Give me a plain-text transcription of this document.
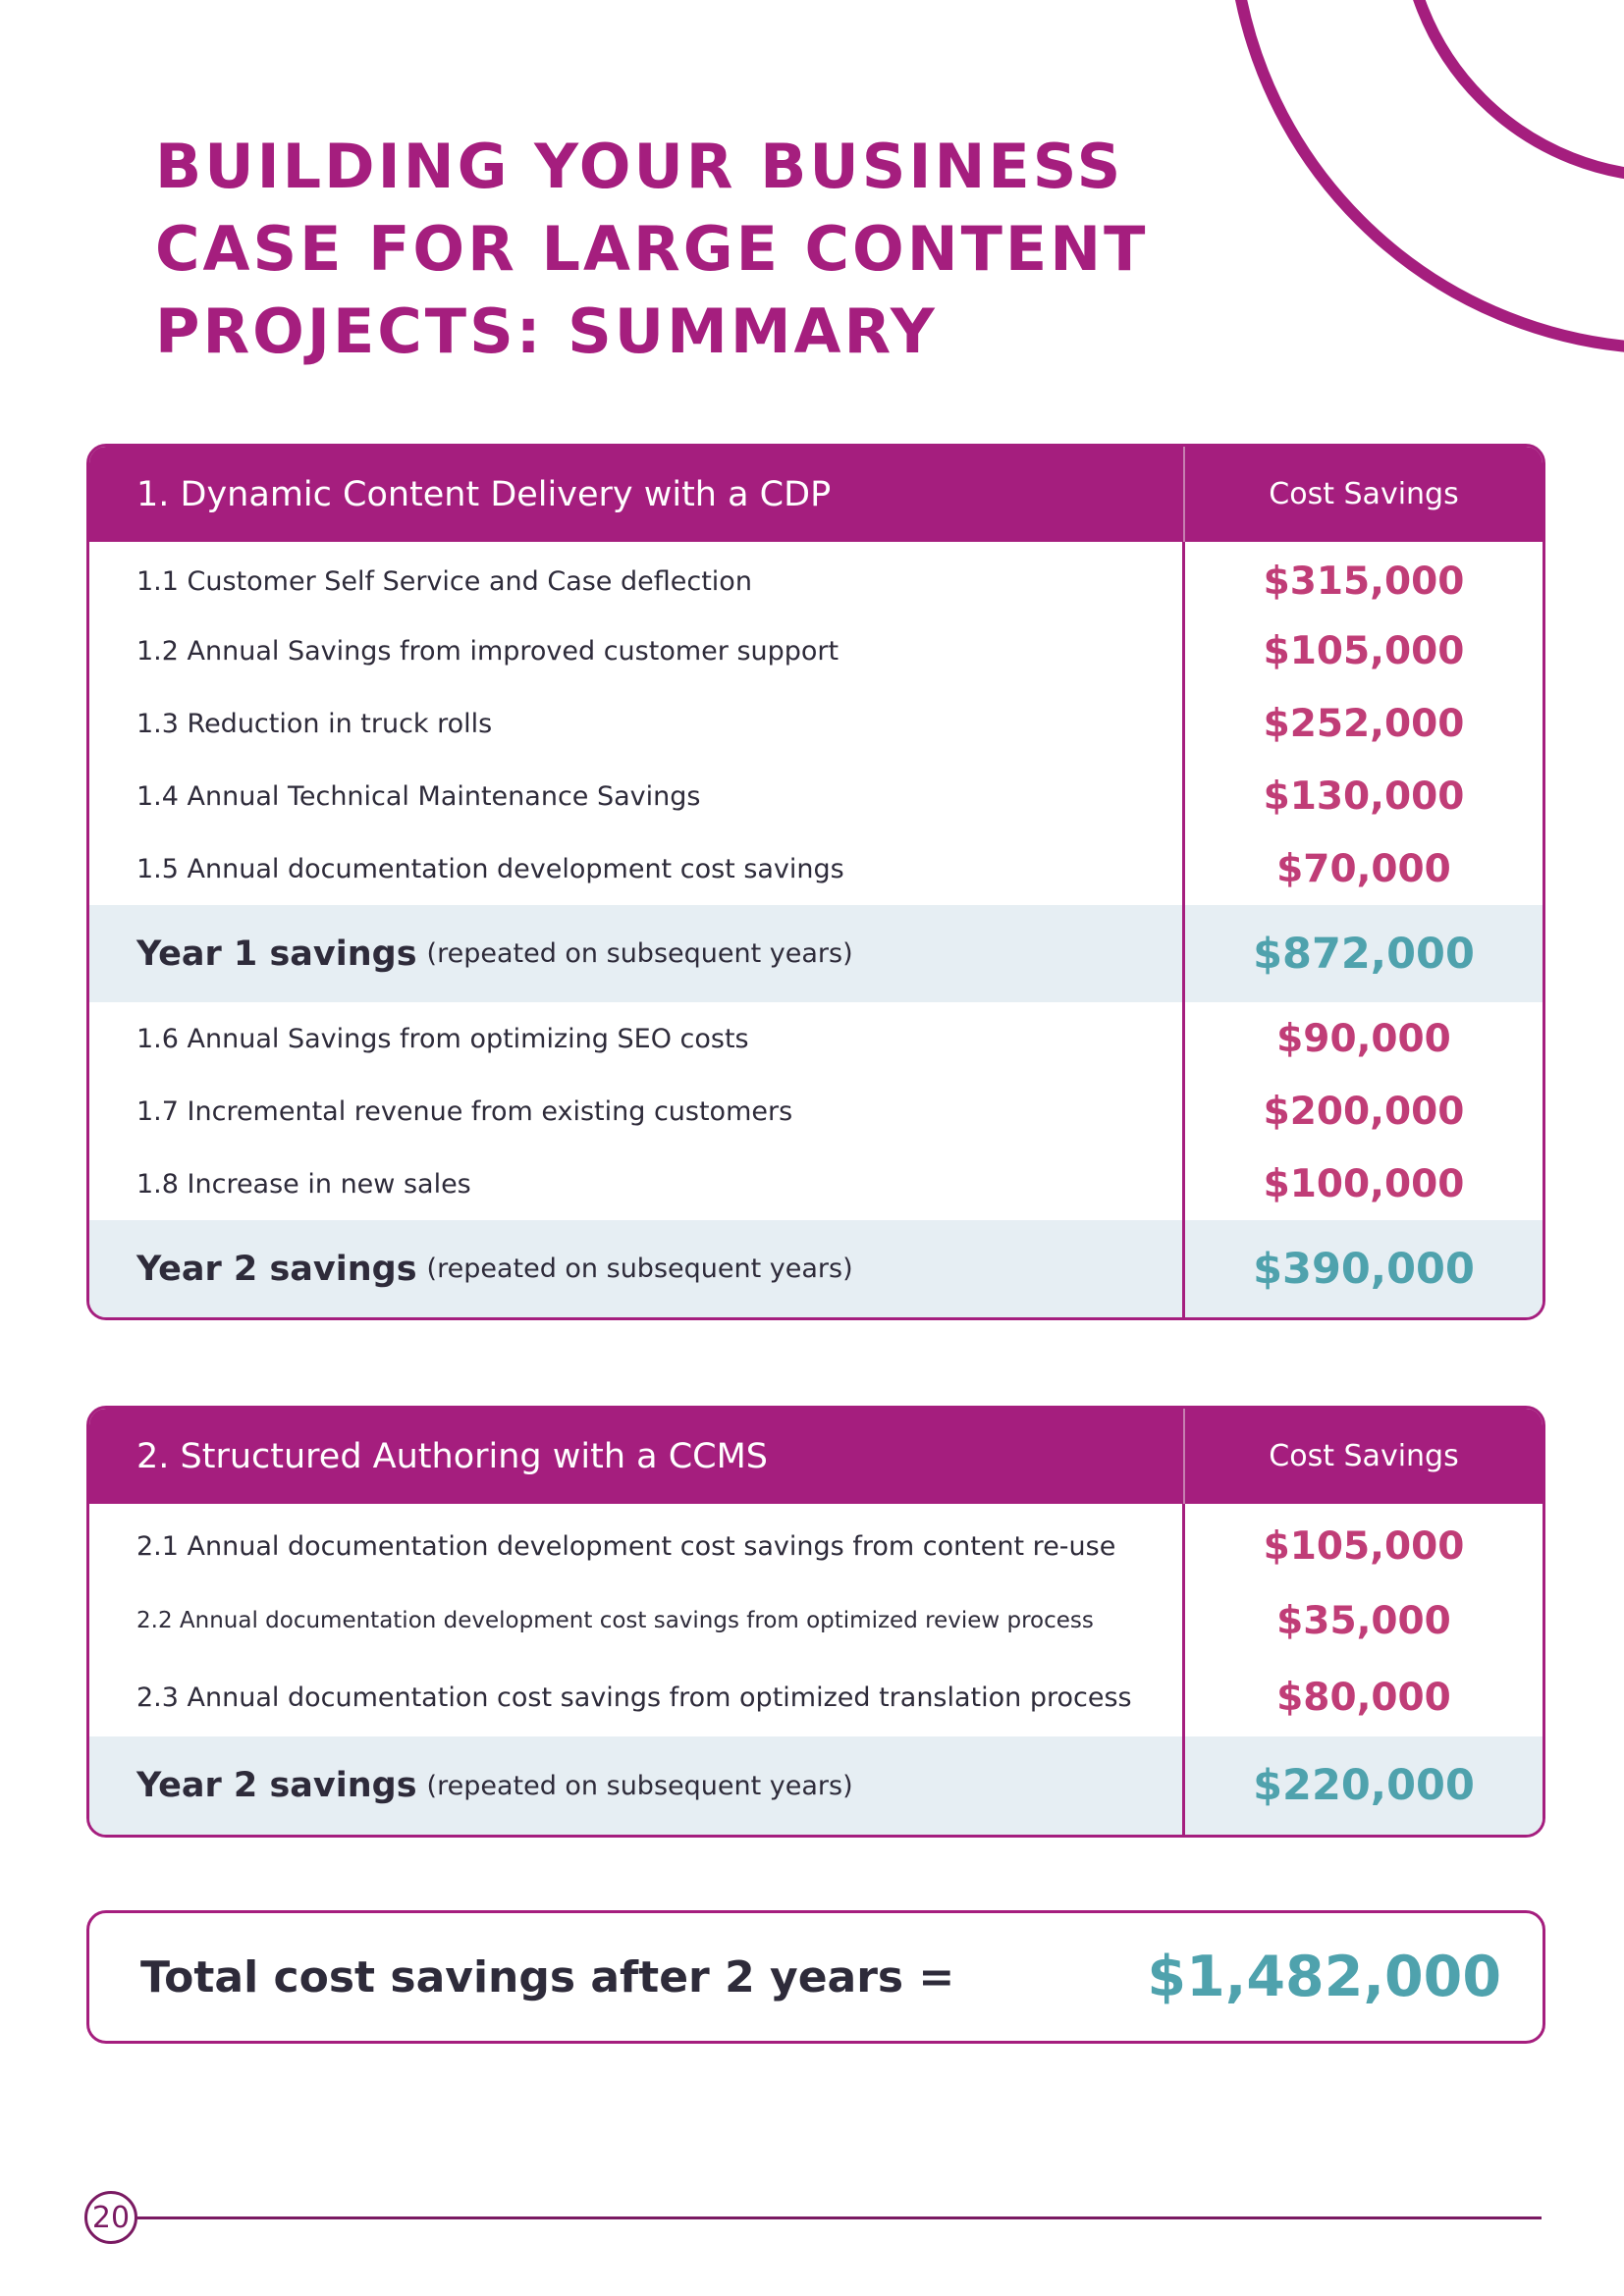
BUILDING YOUR BUSINESS
CASE FOR LARGE CONTENT
PROJECTS: SUMMARY
1. Dynamic Content Delivery with a CDP	Cost Savings
1.1 Customer Self Service and Case deflection	$315,000
1.2 Annual Savings from improved customer support	$105,000
1.3 Reduction in truck rolls	$252,000
1.4 Annual Technical Maintenance Savings	$130,000
1.5 Annual documentation development cost savings	$70,000
Year 1 savings (repeated on subsequent years)	$872,000
1.6 Annual Savings from optimizing SEO costs	$90,000
1.7 Incremental revenue from existing customers	$200,000
1.8 Increase in new sales	$100,000
Year 2 savings (repeated on subsequent years)	$390,000
2. Structured Authoring with a CCMS	Cost Savings
2.1 Annual documentation development cost savings from content re-use	$105,000
2.2 Annual documentation development cost savings from optimized review process	$35,000
2.3 Annual documentation cost savings from optimized translation process	$80,000
Year 2 savings (repeated on subsequent years)	$220,000
Total cost savings after 2 years =	$1,482,000
20
